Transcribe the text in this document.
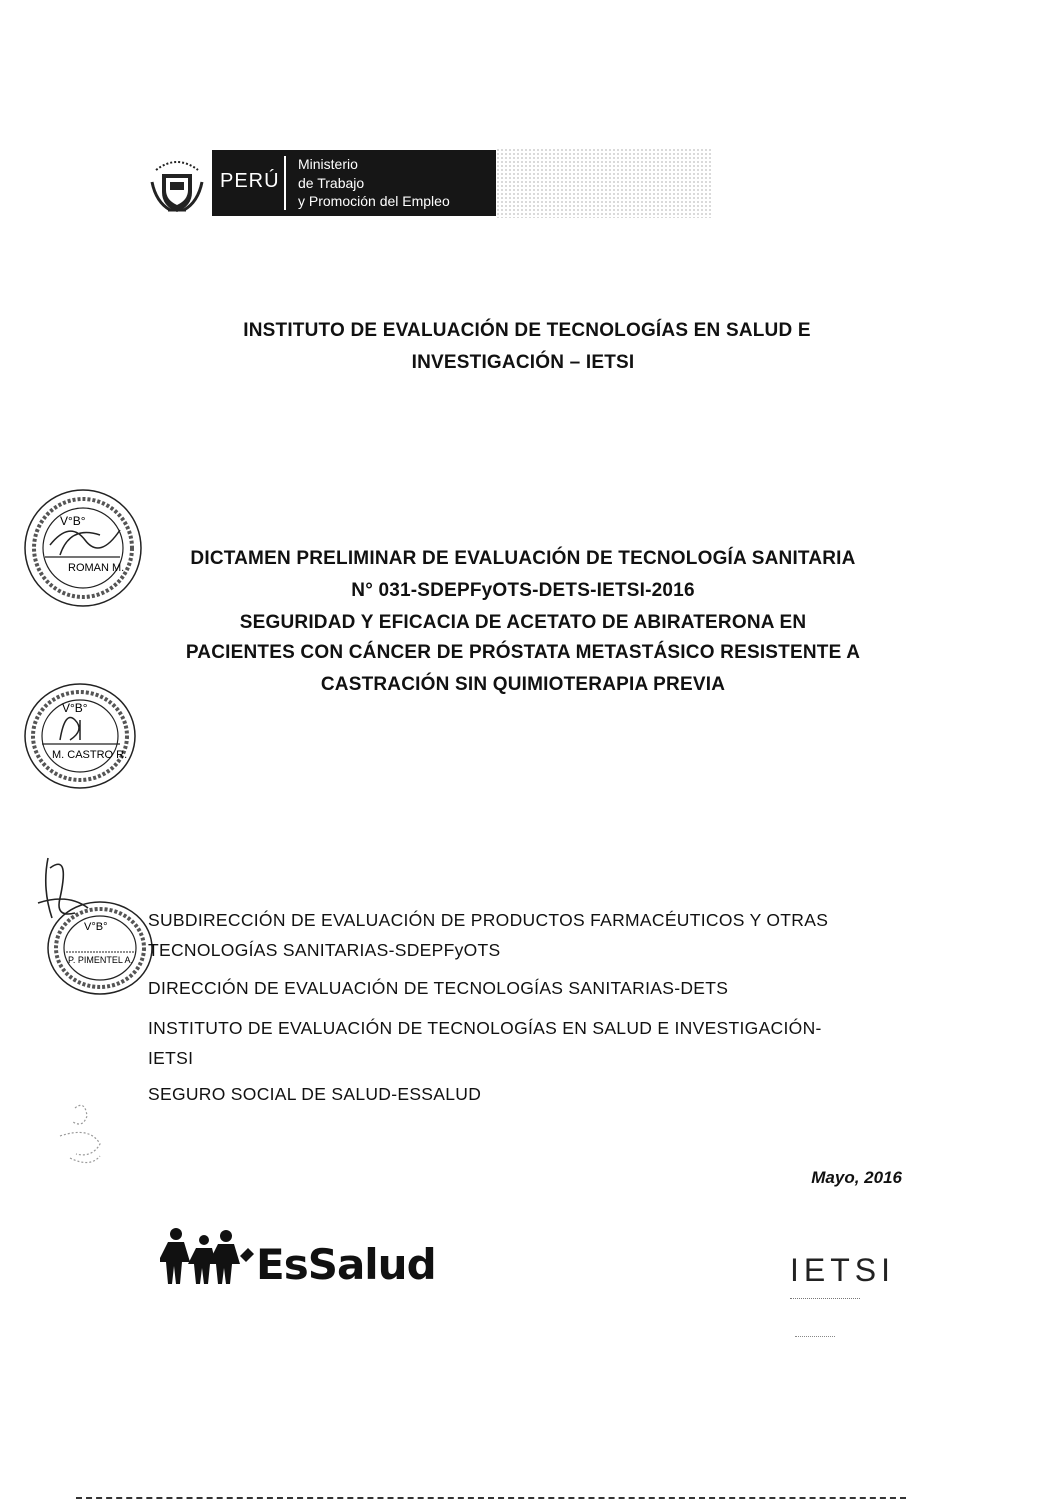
PERÚ
Ministerio
de Trabajo
y Promoción del Empleo
INSTITUTO DE EVALUACIÓN DE TECNOLOGÍAS EN SALUD E
INVESTIGACIÓN – IETSI
V°B°
ROMAN M.	DICTAMEN PRELIMINAR DE EVALUACIÓN DE TECNOLOGÍA SANITARIA
N° 031-SDEPFyOTS-DETS-IETSI-2016
SEGURIDAD Y EFICACIA DE ACETATO DE ABIRATERONA EN
PACIENTES CON CÁNCER DE PRÓSTATA METASTÁSICO RESISTENTE A
CASTRACIÓN SIN QUIMIOTERAPIA PREVIA
V°B°
M. CASTRO R.
V°B°
P. PIMENTEL A.
SUBDIRECCIÓN DE EVALUACIÓN DE PRODUCTOS FARMACÉUTICOS Y OTRAS
TECNOLOGÍAS SANITARIAS-SDEPFyOTS
DIRECCIÓN DE EVALUACIÓN DE TECNOLOGÍAS SANITARIAS-DETS
INSTITUTO DE EVALUACIÓN DE TECNOLOGÍAS EN SALUD E INVESTIGACIÓN-
IETSI
SEGURO SOCIAL DE SALUD-ESSALUD
Mayo, 2016
EsSalud	IETSI
